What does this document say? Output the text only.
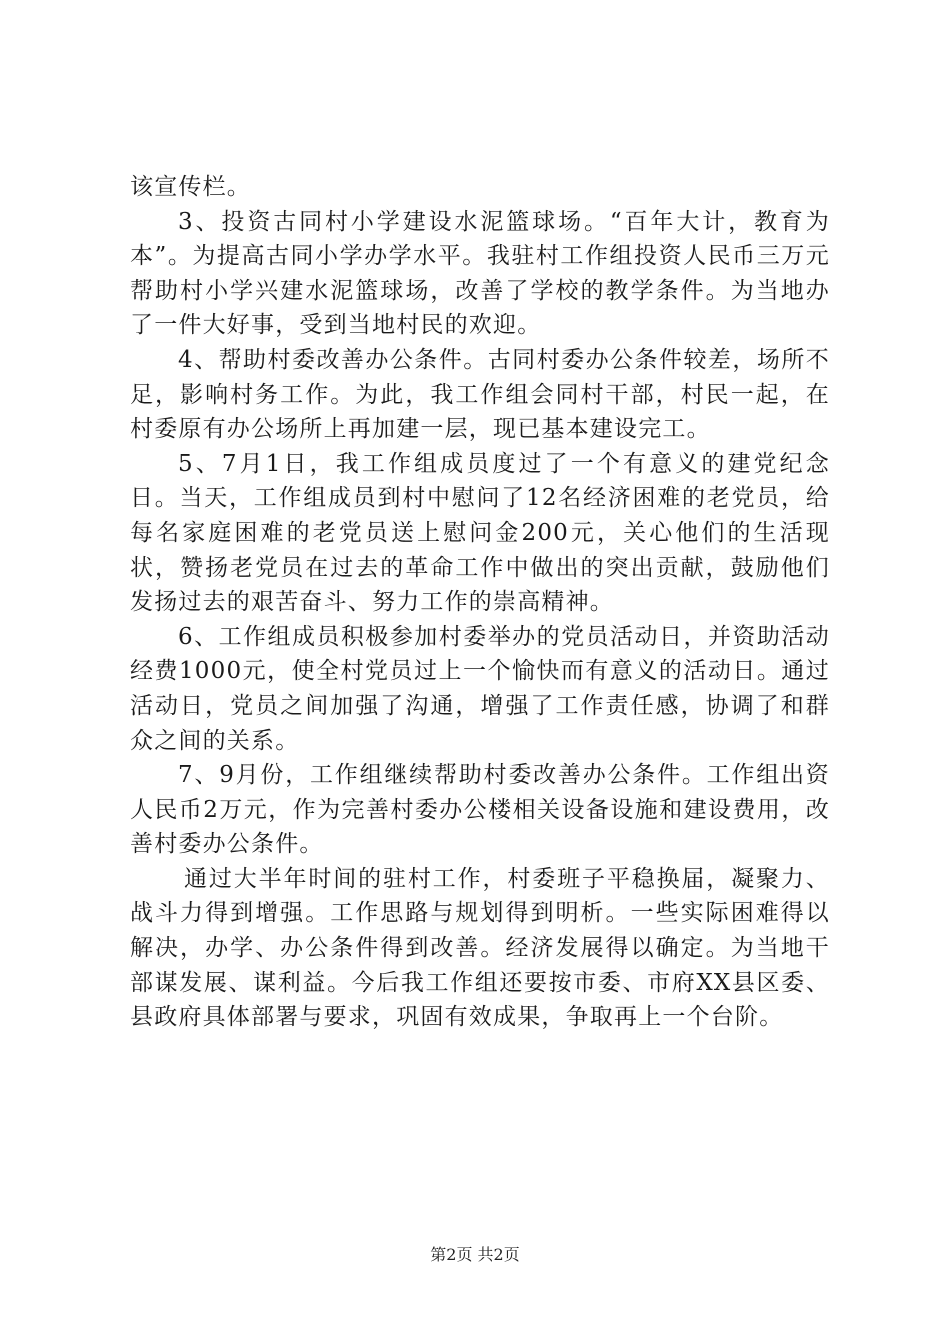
该宣传栏。

3、投资古同村小学建设水泥篮球场。“百年大计，教育为本”。为提高古同小学办学水平。我驻村工作组投资人民币三万元帮助村小学兴建水泥篮球场，改善了学校的教学条件。为当地办了一件大好事，受到当地村民的欢迎。

4、帮助村委改善办公条件。古同村委办公条件较差，场所不足，影响村务工作。为此，我工作组会同村干部，村民一起，在村委原有办公场所上再加建一层，现已基本建设完工。

5、7月1日，我工作组成员度过了一个有意义的建党纪念日。当天，工作组成员到村中慰问了12名经济困难的老党员，给每名家庭困难的老党员送上慰问金200元，关心他们的生活现状，赞扬老党员在过去的革命工作中做出的突出贡献，鼓励他们发扬过去的艰苦奋斗、努力工作的崇高精神。

6、工作组成员积极参加村委举办的党员活动日，并资助活动经费1000元，使全村党员过上一个愉快而有意义的活动日。通过活动日，党员之间加强了沟通，增强了工作责任感，协调了和群众之间的关系。

7、9月份，工作组继续帮助村委改善办公条件。工作组出资人民币2万元，作为完善村委办公楼相关设备设施和建设费用，改善村委办公条件。

通过大半年时间的驻村工作，村委班子平稳换届，凝聚力、战斗力得到增强。工作思路与规划得到明析。一些实际困难得以解决，办学、办公条件得到改善。经济发展得以确定。为当地干部谋发展、谋利益。今后我工作组还要按市委、市府XX县区委、县政府具体部署与要求，巩固有效成果，争取再上一个台阶。

第2页 共2页
